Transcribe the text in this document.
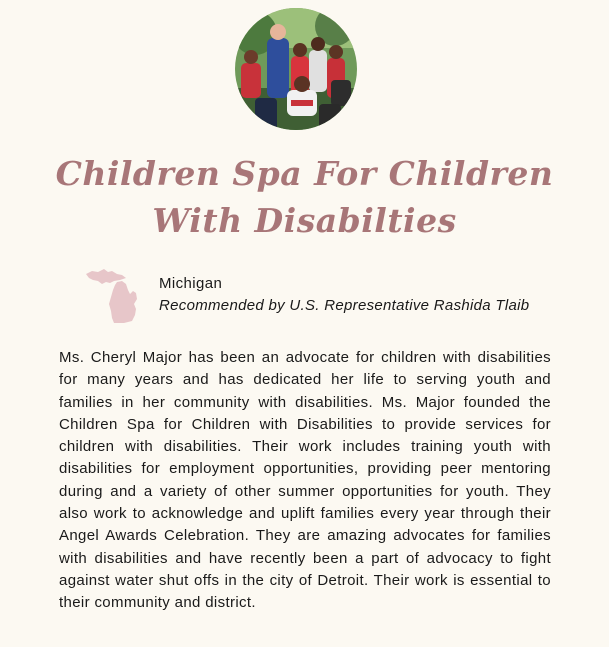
Children Spa For Children With Disabilties
Michigan
Recommended by U.S. Representative Rashida Tlaib

Ms. Cheryl Major has been an advocate for children with disabilities for many years and has dedicated her life to serving youth and families in her community with disabilities. Ms. Major founded the Children Spa for Children with Disabilities to provide services for children with disabilities. Their work includes training youth with disabilities for employment opportunities, providing peer mentoring during and a variety of other summer opportunities for youth. They also work to acknowledge and uplift families every year through their Angel Awards Celebration. They are amazing advocates for families with disabilities and have recently been a part of advocacy to fight against water shut offs in the city of Detroit. Their work is essential to their community and district.
